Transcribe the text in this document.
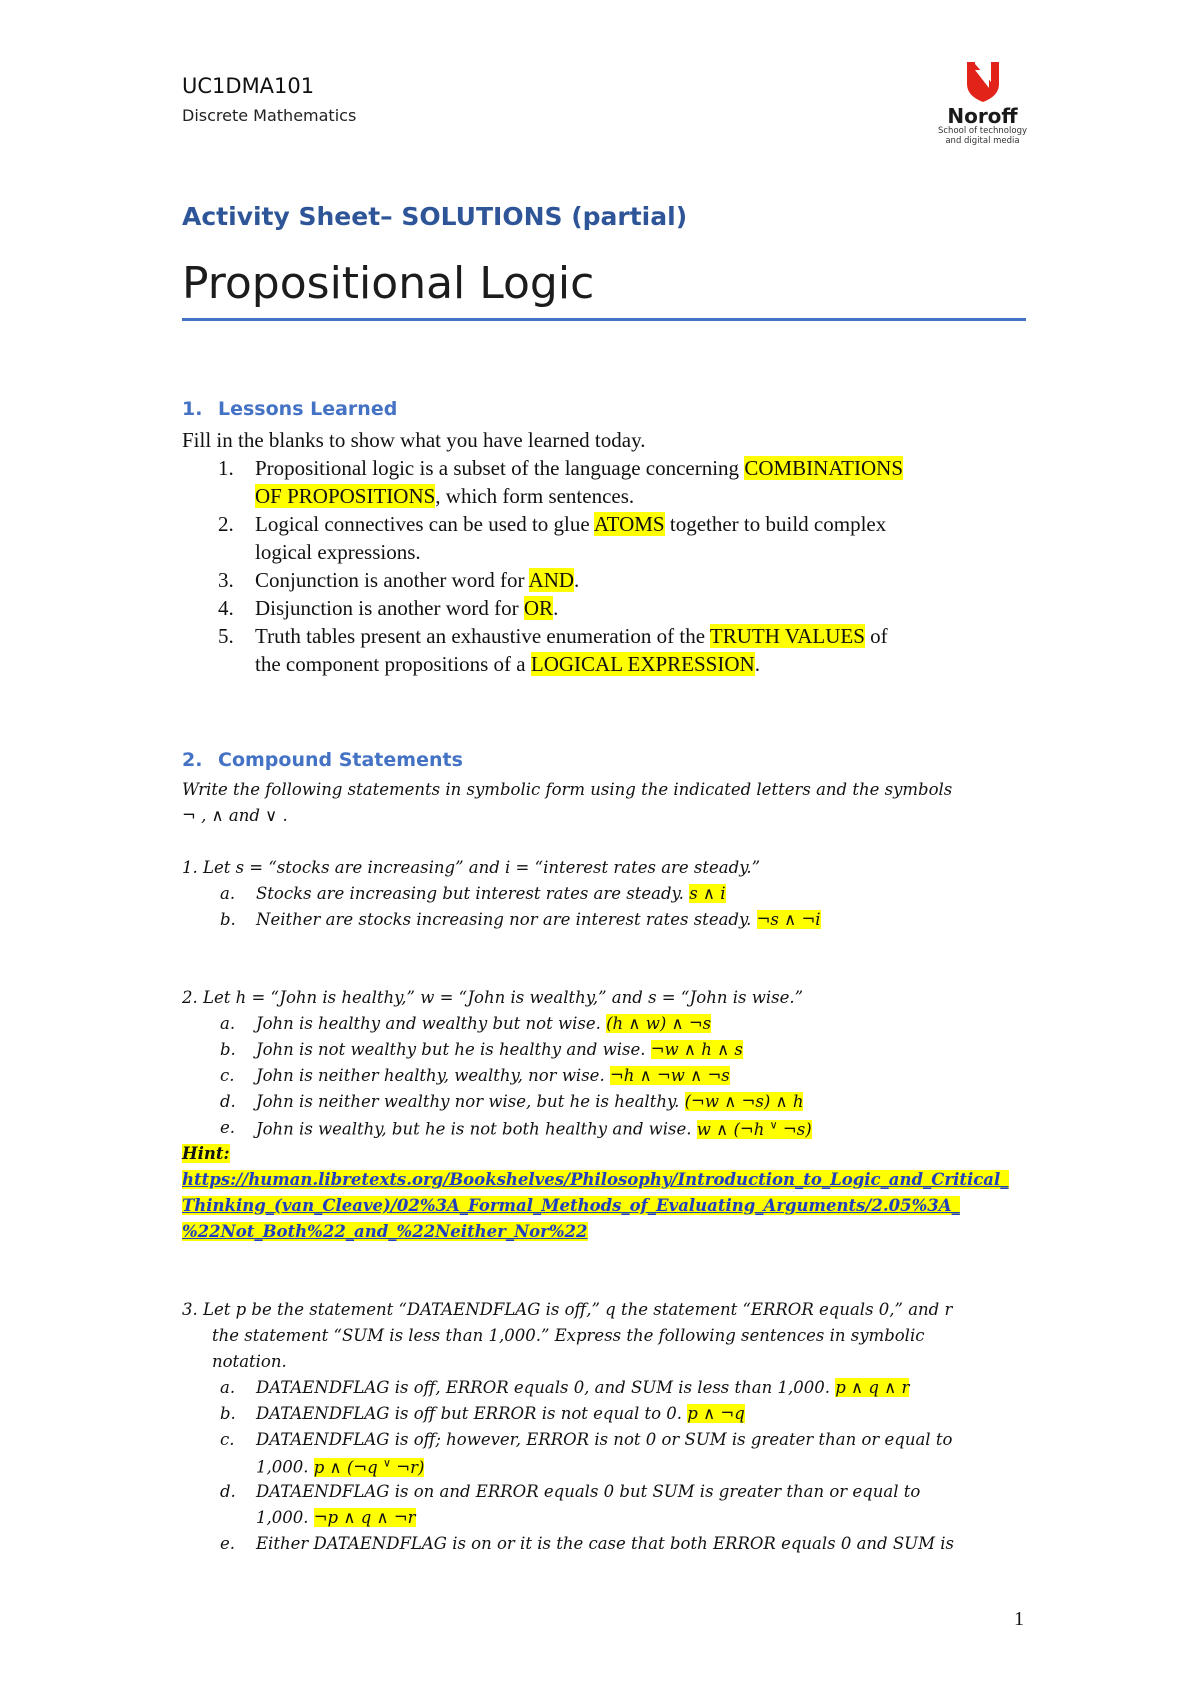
UC1DMA101
Discrete Mathematics	Noroff
School of technology
and digital media
Activity Sheet– SOLUTIONS (partial)
Propositional Logic
1. Lessons Learned
Fill in the blanks to show what you have learned today.
1. Propositional logic is a subset of the language concerning COMBINATIONS
OF PROPOSITIONS, which form sentences.
2. Logical connectives can be used to glue ATOMS together to build complex
logical expressions.
3. Conjunction is another word for AND.
4. Disjunction is another word for OR.
5. Truth tables present an exhaustive enumeration of the TRUTH VALUES of
the component propositions of a LOGICAL EXPRESSION.
2. Compound Statements
Write the following statements in symbolic form using the indicated letters and the symbols
¬ , ∧ and ∨ .
1. Let s = “stocks are increasing” and i = “interest rates are steady.”
a. Stocks are increasing but interest rates are steady. s ∧ i
b. Neither are stocks increasing nor are interest rates steady. ¬s ∧ ¬i
2. Let h = “John is healthy,” w = “John is wealthy,” and s = “John is wise.”
a. John is healthy and wealthy but not wise. (h ∧ w) ∧ ¬s
b. John is not wealthy but he is healthy and wise. ¬w ∧ h ∧ s
c. John is neither healthy, wealthy, nor wise. ¬h ∧ ¬w ∧ ¬s
d. John is neither wealthy nor wise, but he is healthy. (¬w ∧ ¬s) ∧ h
e. John is wealthy, but he is not both healthy and wise. w ∧ (¬h ∨ ¬s)
Hint:
https://human.libretexts.org/Bookshelves/Philosophy/Introduction_to_Logic_and_Critical_
Thinking_(van_Cleave)/02%3A_Formal_Methods_of_Evaluating_Arguments/2.05%3A_
%22Not_Both%22_and_%22Neither_Nor%22
3. Let p be the statement “DATAENDFLAG is off,” q the statement “ERROR equals 0,” and r
the statement “SUM is less than 1,000.” Express the following sentences in symbolic
notation.
a. DATAENDFLAG is off, ERROR equals 0, and SUM is less than 1,000. p ∧ q ∧ r
b. DATAENDFLAG is off but ERROR is not equal to 0. p ∧ ¬q
c. DATAENDFLAG is off; however, ERROR is not 0 or SUM is greater than or equal to
1,000. p ∧ (¬q ∨ ¬r)
d. DATAENDFLAG is on and ERROR equals 0 but SUM is greater than or equal to
1,000. ¬p ∧ q ∧ ¬r
e. Either DATAENDFLAG is on or it is the case that both ERROR equals 0 and SUM is
1
